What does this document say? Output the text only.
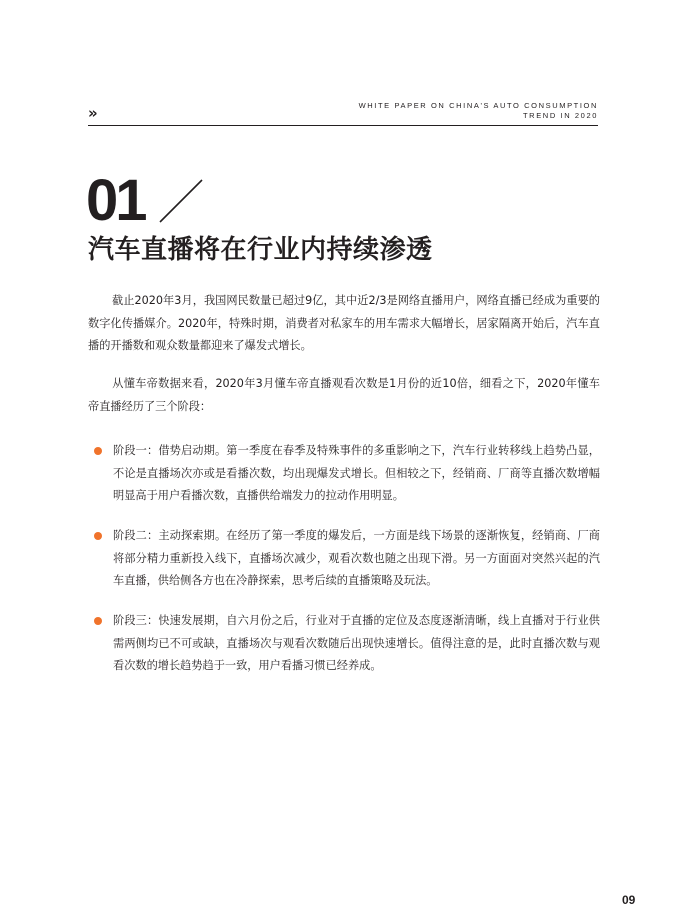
»	WHITE PAPER ON CHINA'S AUTO CONSUMPTION
TREND IN 2020
01
汽车直播将在行业内持续渗透
截止2020年3月，我国网民数量已超过9亿，其中近2/3是网络直播用户，网络直播已经成为重要的数字化传播媒介。2020年，特殊时期，消费者对私家车的用车需求大幅增长，居家隔离开始后，汽车直播的开播数和观众数量都迎来了爆发式增长。
从懂车帝数据来看，2020年3月懂车帝直播观看次数是1月份的近10倍，细看之下，2020年懂车帝直播经历了三个阶段：
阶段一：借势启动期。第一季度在春季及特殊事件的多重影响之下，汽车行业转移线上趋势凸显，不论是直播场次亦或是看播次数，均出现爆发式增长。但相较之下，经销商、厂商等直播次数增幅明显高于用户看播次数，直播供给端发力的拉动作用明显。
阶段二：主动探索期。在经历了第一季度的爆发后，一方面是线下场景的逐渐恢复，经销商、厂商将部分精力重新投入线下，直播场次减少，观看次数也随之出现下滑。另一方面面对突然兴起的汽车直播，供给侧各方也在冷静探索，思考后续的直播策略及玩法。
阶段三：快速发展期，自六月份之后，行业对于直播的定位及态度逐渐清晰，线上直播对于行业供需两侧均已不可或缺，直播场次与观看次数随后出现快速增长。值得注意的是，此时直播次数与观看次数的增长趋势趋于一致，用户看播习惯已经养成。
09
